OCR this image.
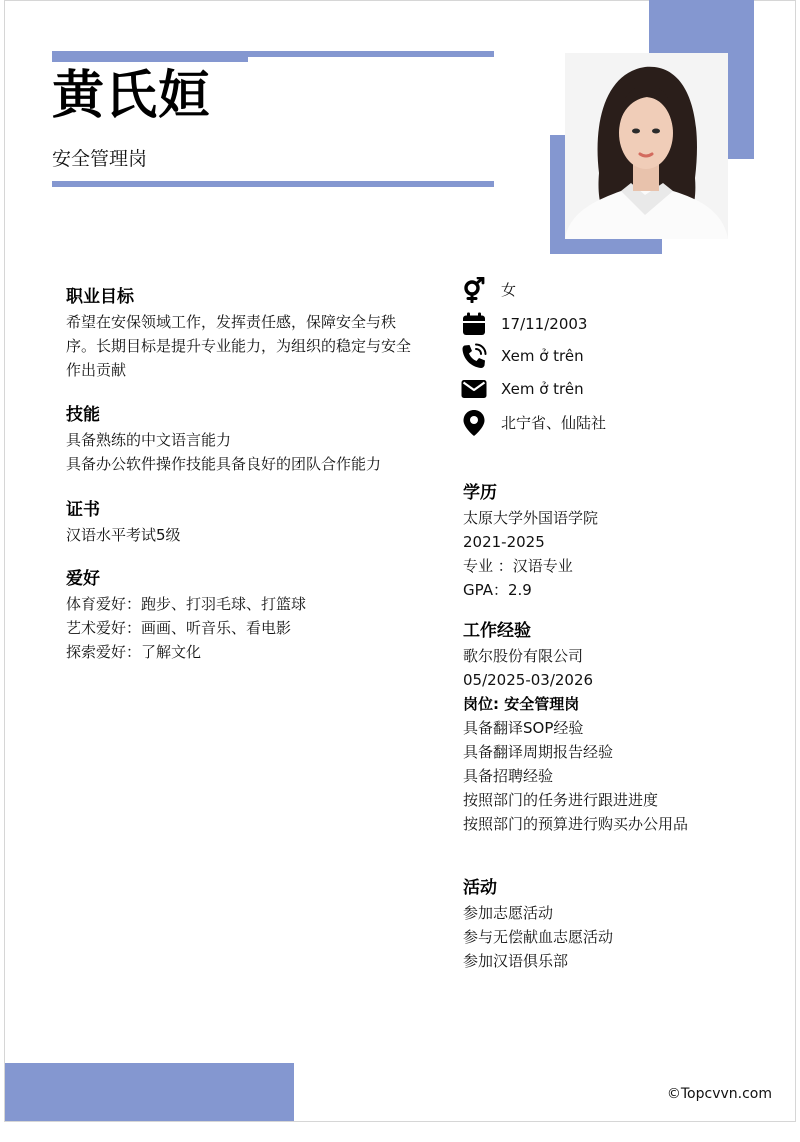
黄氏姮
安全管理岗
职业目标
希望在安保领域工作，发挥责任感，保障安全与秩序。长期目标是提升专业能力，为组织的稳定与安全作出贡献
技能
具备熟练的中文语言能力
具备办公软件操作技能具备良好的团队合作能力
证书
汉语水平考试5级
爱好
体育爱好：跑步、打羽毛球、打篮球
艺术爱好：画画、听音乐、看电影
探索爱好：了解文化
女
17/11/2003
Xem ở trên
Xem ở trên
北宁省、仙陆社
学历
太原大学外国语学院
2021-2025
专业 ：汉语专业
GPA：2.9
工作经验
歌尔股份有限公司
05/2025-03/2026
岗位: 安全管理岗
具备翻译SOP经验
具备翻译周期报告经验
具备招聘经验
按照部门的任务进行跟进进度
按照部门的预算进行购买办公用品
活动
参加志愿活动
参与无偿献血志愿活动
参加汉语俱乐部
©Topcvvn.com
